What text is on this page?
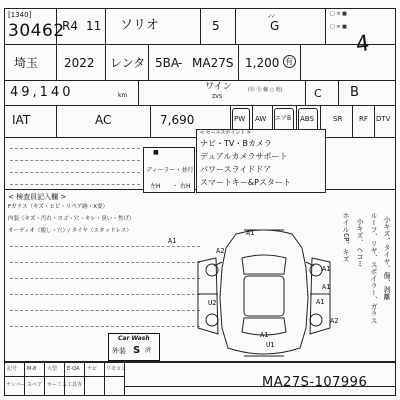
[1340]
30462
R4 11 ソリオ	5	G
□ ≡ ■
□ ≡ ■
埼玉 2022 レンタ 5BA
- MA27S 1,200 有
49,140	km
ワイン
ZVS
(Ⓡ Ⓓ 輸 ○ 他)	C B
IAT	AC	7,690	PW AW エアB ABS	SR RF DTV
< セールスポイント >
ナビ・TV・Bカメラ
デュアルカメラサポート
パワースライドドア
スマートキー&Pスタート
■
ディーラー・並行
左H ・ 右H
< 検査員記入欄 >
Fガラス（キズ・ヒビ・リペア跡・X要）
内装（キズ・汚れ・ヨゴ・穴・キレ・臭い・焦げ）
オーディオ（脱し・穴）/ タイヤ（スタッドレス）
Car Wash
外装 S 済
A1
A2
A1
A1
A1
A2
A1
U1
U2
A1
4
✓✓
ホイルCP、キズ 小キズ、ヘコミ ルーフ、リヤ、スポイラー、ガラス 小キズ、タイヤ、傷、剥離
記号 M-8 大型 E-QA ナビ リモコン
ナンバー スペア ホーミス 工具等	MA27S-107996
